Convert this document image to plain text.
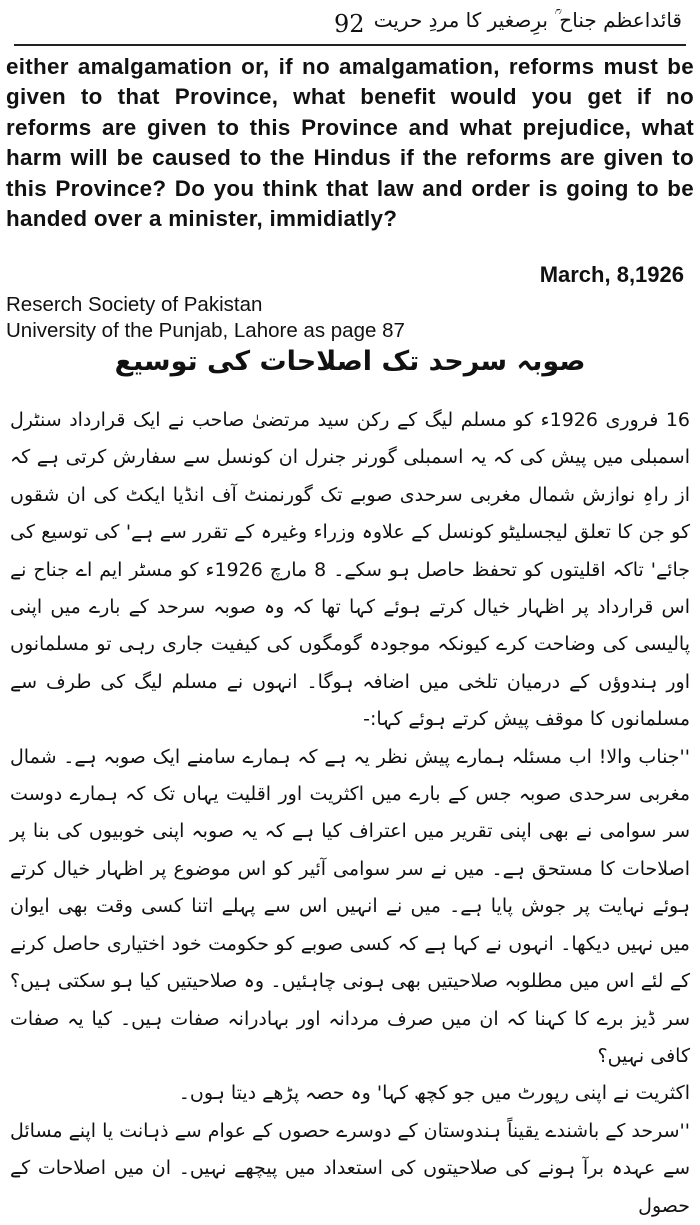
92 قائداعظم جناح ؒ برِصغیر کا مردِ حریت

either amalgamation or, if no amalgamation, reforms must be given to that Province, what benefit would you get if no reforms are given to this Province and what prejudice, what harm will be caused to the Hindus if the reforms are given to this Province? Do you think that law and order is going to be handed over a minister, immidiatly?

March, 8,1926
Reserch Society of Pakistan
University of the Punjab, Lahore as page 87
صوبہ سرحد تک اصلاحات کی توسیع

16 فروری 1926ء کو مسلم لیگ کے رکن سید مرتضیٰ صاحب نے ایک قرارداد سنٹرل اسمبلی میں پیش کی کہ یہ اسمبلی گورنر جنرل ان کونسل سے سفارش کرتی ہے کہ از راہِ نوازش شمال مغربی سرحدی صوبے تک گورنمنٹ آف انڈیا ایکٹ کی ان شقوں کو جن کا تعلق لیجسلیٹو کونسل کے علاوہ وزراء وغیرہ کے تقرر سے ہے' کی توسیع کی جائے' تاکہ اقلیتوں کو تحفظ حاصل ہو سکے۔ 8 مارچ 1926ء کو مسٹر ایم اے جناح نے اس قرارداد پر اظہار خیال کرتے ہوئے کہا تھا کہ وہ صوبہ سرحد کے بارے میں اپنی پالیسی کی وضاحت کرے کیونکہ موجودہ گومگوں کی کیفیت جاری رہی تو مسلمانوں اور ہندوؤں کے درمیان تلخی میں اضافہ ہوگا۔ انہوں نے مسلم لیگ کی طرف سے مسلمانوں کا موقف پیش کرتے ہوئے کہا:-

''جناب والا! اب مسئلہ ہمارے پیش نظر یہ ہے کہ ہمارے سامنے ایک صوبہ ہے۔ شمال مغربی سرحدی صوبہ جس کے بارے میں اکثریت اور اقلیت یہاں تک کہ ہمارے دوست سر سوامی نے بھی اپنی تقریر میں اعتراف کیا ہے کہ یہ صوبہ اپنی خوبیوں کی بنا پر اصلاحات کا مستحق ہے۔ میں نے سر سوامی آئیر کو اس موضوع پر اظہار خیال کرتے ہوئے نہایت پر جوش پایا ہے۔ میں نے انہیں اس سے پہلے اتنا کسی وقت بھی ایوان میں نہیں دیکھا۔ انہوں نے کہا ہے کہ کسی صوبے کو حکومت خود اختیاری حاصل کرنے کے لئے اس میں مطلوبہ صلاحیتیں بھی ہونی چاہئیں۔ وہ صلاحیتیں کیا ہو سکتی ہیں؟ سر ڈیز برے کا کہنا کہ ان میں صرف مردانہ اور بہادرانہ صفات ہیں۔ کیا یہ صفات کافی نہیں؟

اکثریت نے اپنی رپورٹ میں جو کچھ کہا' وہ حصہ پڑھے دیتا ہوں۔

''سرحد کے باشندے یقیناً ہندوستان کے دوسرے حصوں کے عوام سے ذہانت یا اپنے مسائل سے عہدہ برآ ہونے کی صلاحیتوں کی استعداد میں پیچھے نہیں۔ ان میں اصلاحات کے حصول
